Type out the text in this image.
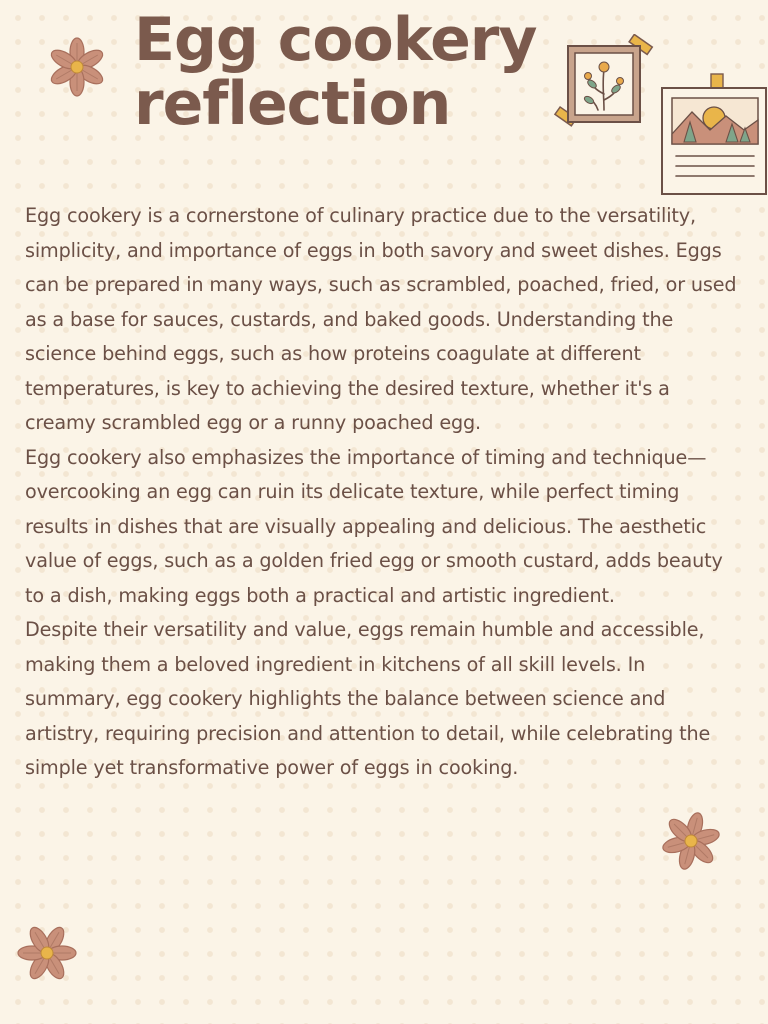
Egg cookery
reflection

Egg cookery is a cornerstone of culinary practice due to the versatility, simplicity, and importance of eggs in both savory and sweet dishes. Eggs can be prepared in many ways, such as scrambled, poached, fried, or used as a base for sauces, custards, and baked goods. Understanding the science behind eggs, such as how proteins coagulate at different temperatures, is key to achieving the desired texture, whether it's a creamy scrambled egg or a runny poached egg.

Egg cookery also emphasizes the importance of timing and technique—overcooking an egg can ruin its delicate texture, while perfect timing results in dishes that are visually appealing and delicious. The aesthetic value of eggs, such as a golden fried egg or smooth custard, adds beauty to a dish, making eggs both a practical and artistic ingredient.

Despite their versatility and value, eggs remain humble and accessible, making them a beloved ingredient in kitchens of all skill levels. In summary, egg cookery highlights the balance between science and artistry, requiring precision and attention to detail, while celebrating the simple yet transformative power of eggs in cooking.
